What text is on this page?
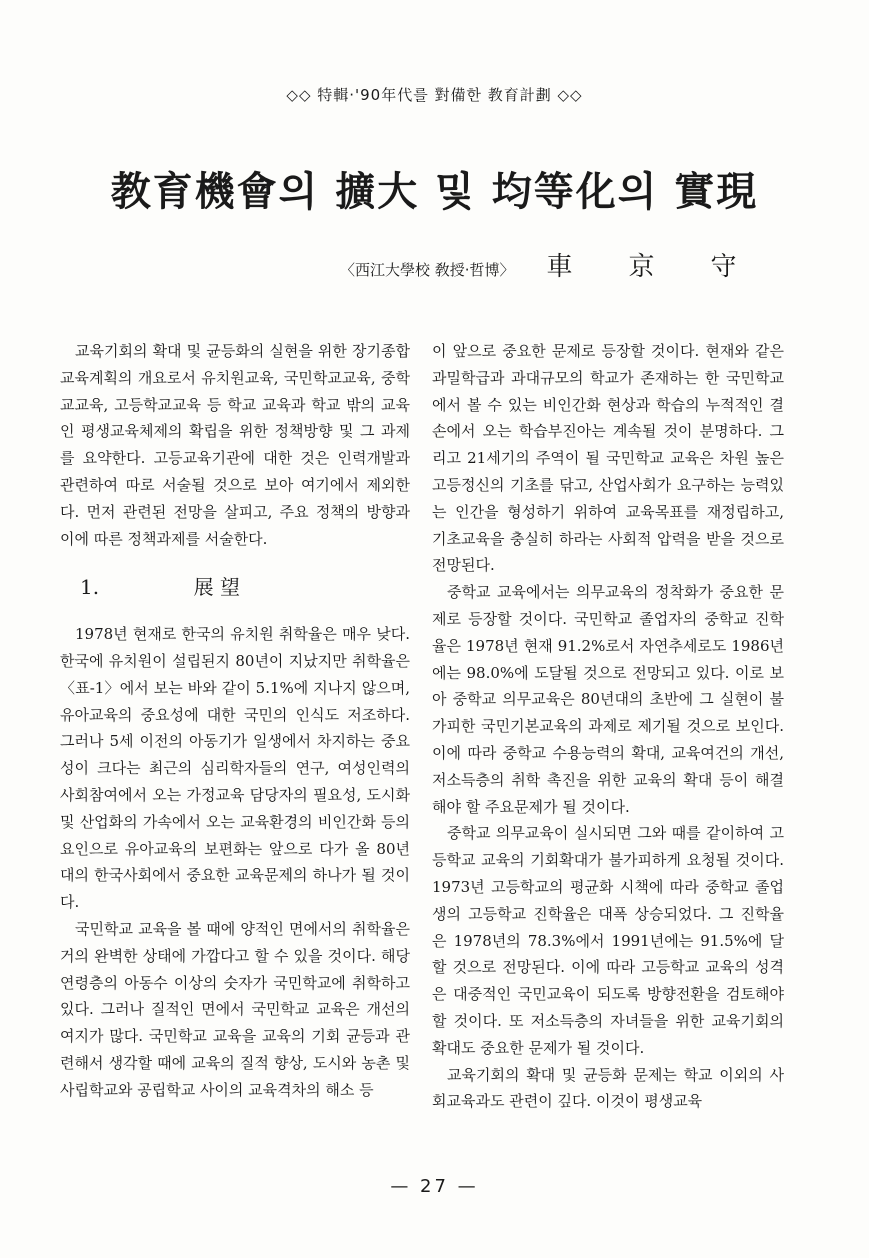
◇◇ 特輯·'90年代를 對備한 教育計劃 ◇◇
教育機會의 擴大 및 均等化의 實現
〈西江大學校 敎授·哲博〉 車 京 守

교육기회의 확대 및 균등화의 실현을 위한 장기종합교육계획의 개요로서 유치원교육, 국민학교교육, 중학교교육, 고등학교교육 등 학교 교육과 학교 밖의 교육인 평생교육체제의 확립을 위한 정책방향 및 그 과제를 요약한다. 고등교육기관에 대한 것은 인력개발과 관련하여 따로 서술될 것으로 보아 여기에서 제외한다. 먼저 관련된 전망을 살피고, 주요 정책의 방향과 이에 따른 정책과제를 서술한다.

1.	展 望

1978년 현재로 한국의 유치원 취학율은 매우 낮다. 한국에 유치원이 설립된지 80년이 지났지만 취학율은 〈표-1〉에서 보는 바와 같이 5.1%에 지나지 않으며, 유아교육의 중요성에 대한 국민의 인식도 저조하다. 그러나 5세 이전의 아동기가 일생에서 차지하는 중요성이 크다는 최근의 심리학자들의 연구, 여성인력의 사회참여에서 오는 가정교육 담당자의 필요성, 도시화 및 산업화의 가속에서 오는 교육환경의 비인간화 등의 요인으로 유아교육의 보편화는 앞으로 다가 올 80년대의 한국사회에서 중요한 교육문제의 하나가 될 것이다.

국민학교 교육을 볼 때에 양적인 면에서의 취학율은 거의 완벽한 상태에 가깝다고 할 수 있을 것이다. 해당연령층의 아동수 이상의 숫자가 국민학교에 취학하고 있다. 그러나 질적인 면에서 국민학교 교육은 개선의 여지가 많다. 국민학교 교육을 교육의 기회 균등과 관련해서 생각할 때에 교육의 질적 향상, 도시와 농촌 및 사립학교와 공립학교 사이의 교육격차의 해소 등

이 앞으로 중요한 문제로 등장할 것이다. 현재와 같은 과밀학급과 과대규모의 학교가 존재하는 한 국민학교에서 볼 수 있는 비인간화 현상과 학습의 누적적인 결손에서 오는 학습부진아는 계속될 것이 분명하다. 그리고 21세기의 주역이 될 국민학교 교육은 차원 높은 고등정신의 기초를 닦고, 산업사회가 요구하는 능력있는 인간을 형성하기 위하여 교육목표를 재정립하고, 기초교육을 충실히 하라는 사회적 압력을 받을 것으로 전망된다.

중학교 교육에서는 의무교육의 정착화가 중요한 문제로 등장할 것이다. 국민학교 졸업자의 중학교 진학율은 1978년 현재 91.2%로서 자연추세로도 1986년에는 98.0%에 도달될 것으로 전망되고 있다. 이로 보아 중학교 의무교육은 80년대의 초반에 그 실현이 불가피한 국민기본교육의 과제로 제기될 것으로 보인다. 이에 따라 중학교 수용능력의 확대, 교육여건의 개선, 저소득층의 취학 촉진을 위한 교육의 확대 등이 해결해야 할 주요문제가 될 것이다.

중학교 의무교육이 실시되면 그와 때를 같이하여 고등학교 교육의 기회확대가 불가피하게 요청될 것이다. 1973년 고등학교의 평균화 시책에 따라 중학교 졸업생의 고등학교 진학율은 대폭 상승되었다. 그 진학율은 1978년의 78.3%에서 1991년에는 91.5%에 달할 것으로 전망된다. 이에 따라 고등학교 교육의 성격은 대중적인 국민교육이 되도록 방향전환을 검토해야 할 것이다. 또 저소득층의 자녀들을 위한 교육기회의 확대도 중요한 문제가 될 것이다.

교육기회의 확대 및 균등화 문제는 학교 이외의 사회교육과도 관련이 깊다. 이것이 평생교육

— 27 —
